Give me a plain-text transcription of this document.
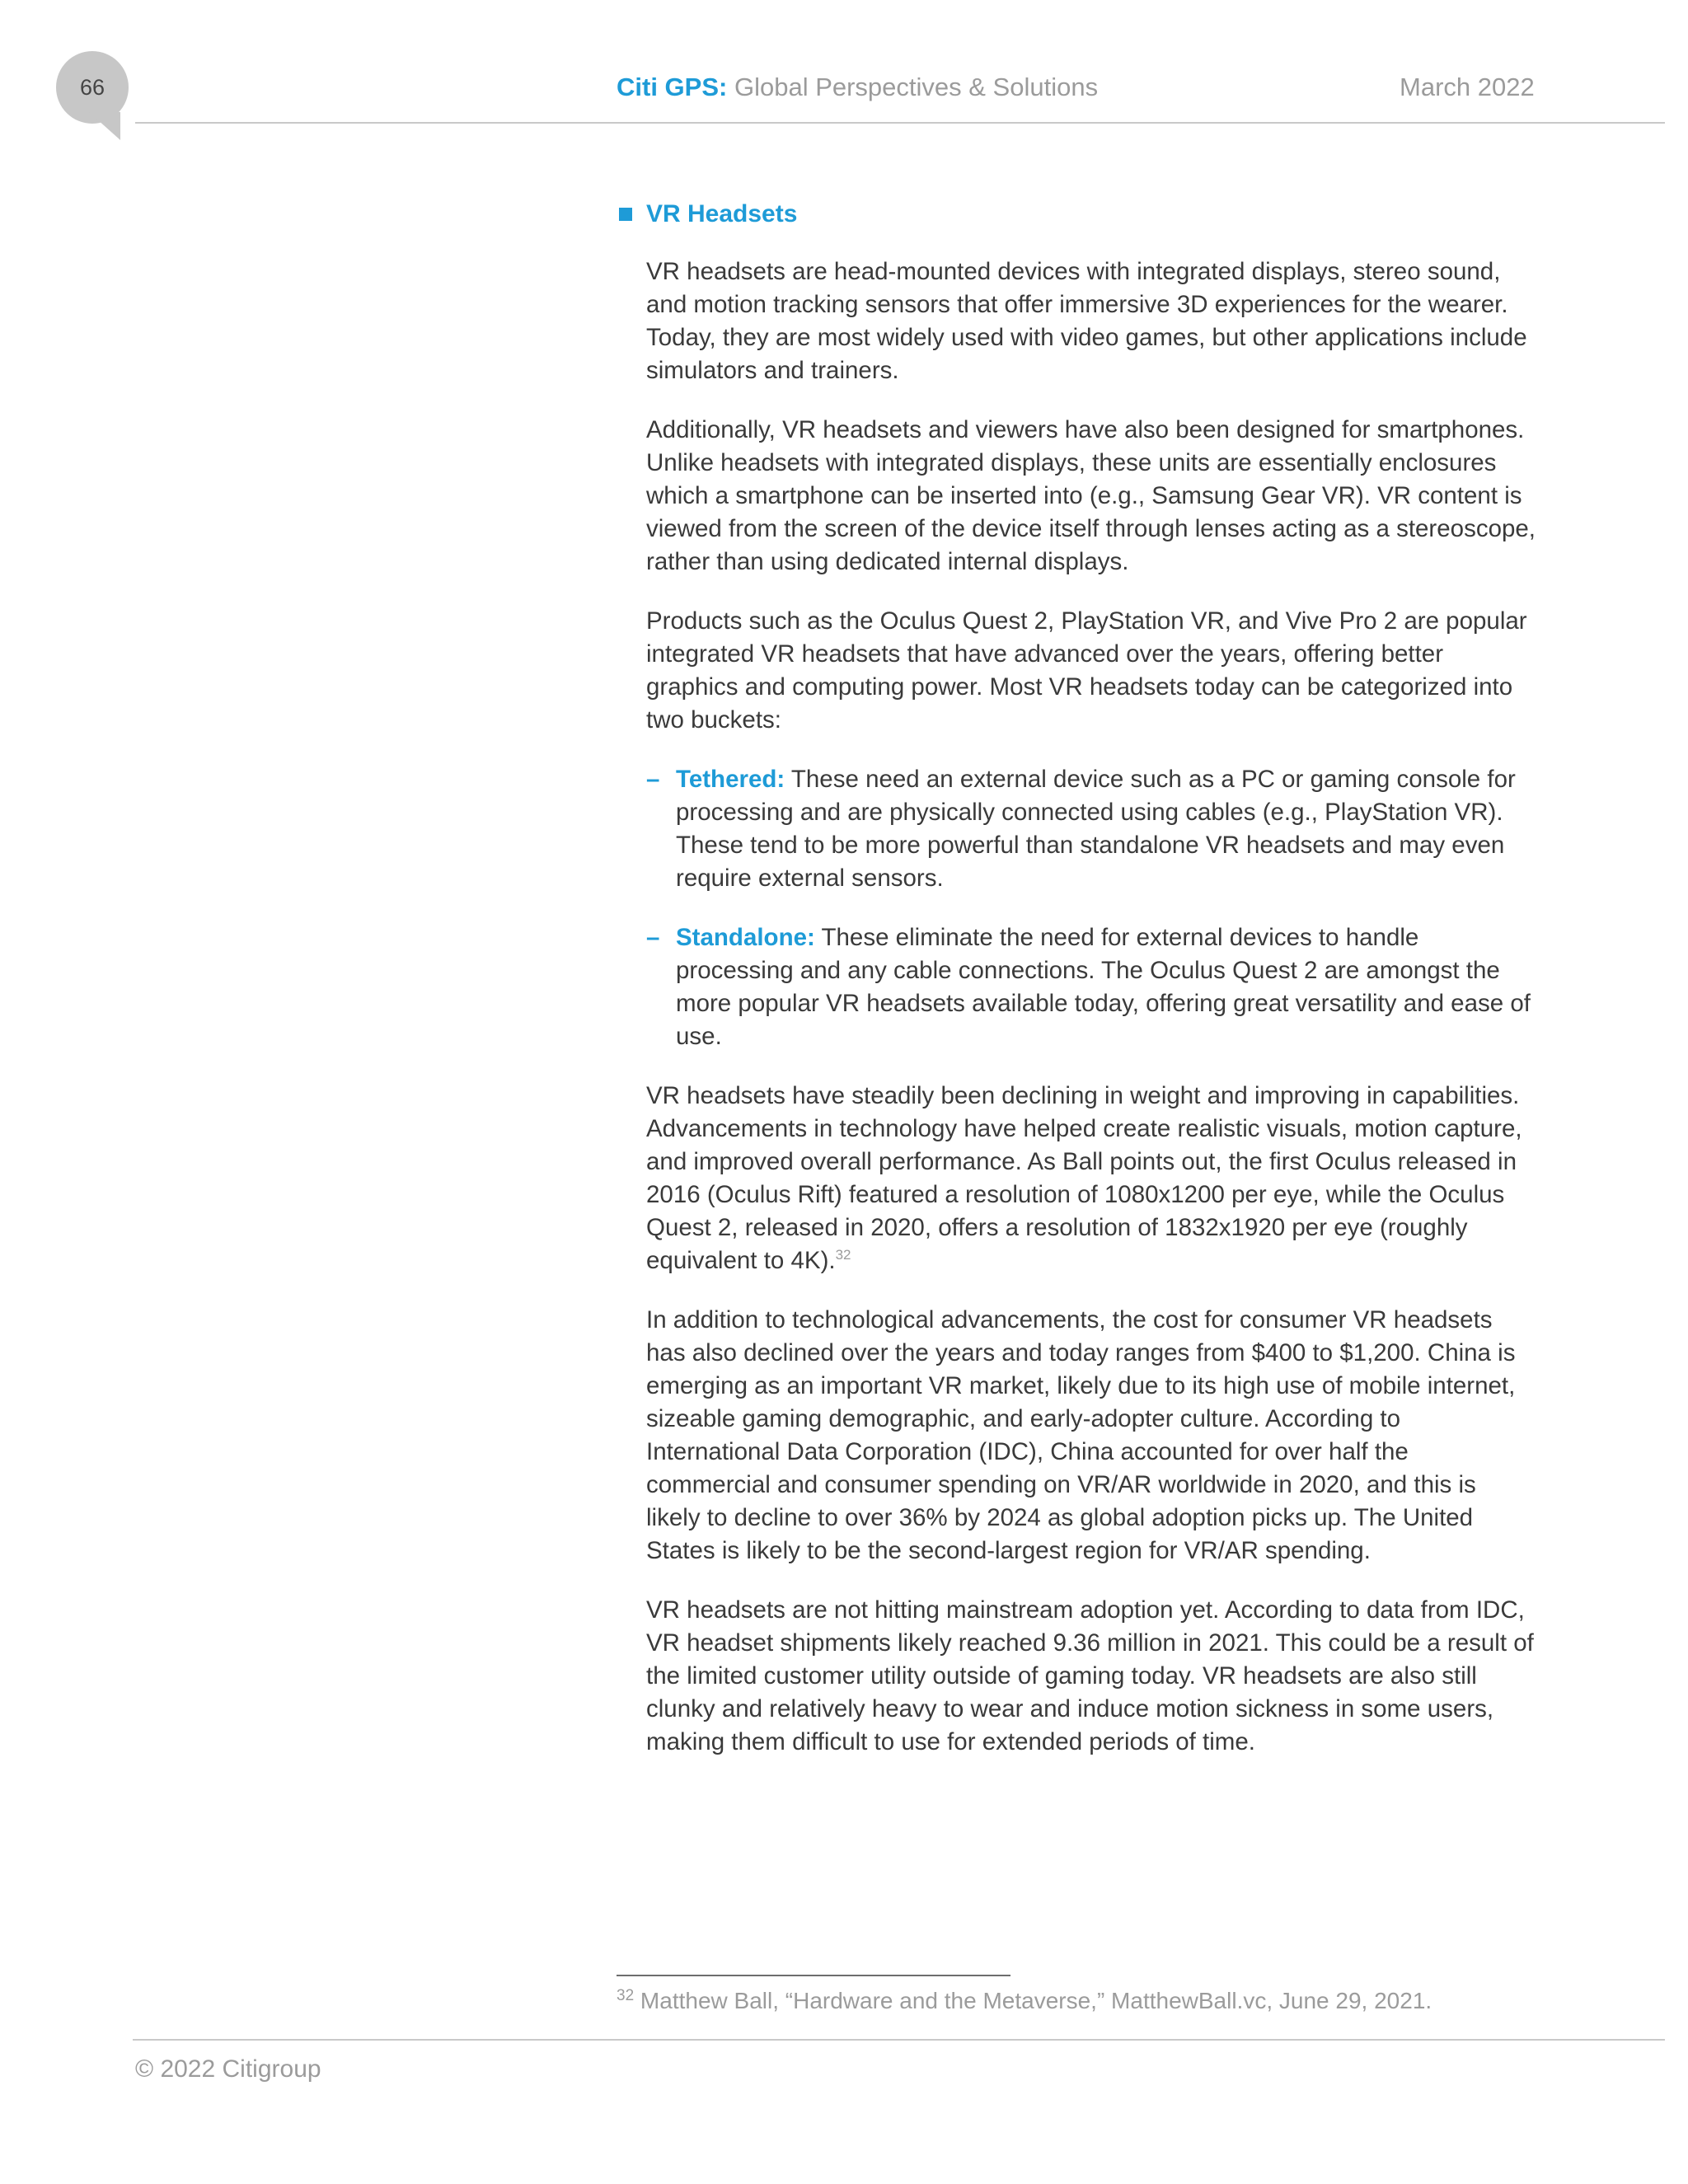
66	Citi GPS: Global Perspectives & Solutions	March 2022
VR Headsets

VR headsets are head-mounted devices with integrated displays, stereo sound, and motion tracking sensors that offer immersive 3D experiences for the wearer. Today, they are most widely used with video games, but other applications include simulators and trainers.

Additionally, VR headsets and viewers have also been designed for smartphones. Unlike headsets with integrated displays, these units are essentially enclosures which a smartphone can be inserted into (e.g., Samsung Gear VR). VR content is viewed from the screen of the device itself through lenses acting as a stereoscope, rather than using dedicated internal displays.

Products such as the Oculus Quest 2, PlayStation VR, and Vive Pro 2 are popular integrated VR headsets that have advanced over the years, offering better graphics and computing power. Most VR headsets today can be categorized into two buckets:

– Tethered: These need an external device such as a PC or gaming console for processing and are physically connected using cables (e.g., PlayStation VR). These tend to be more powerful than standalone VR headsets and may even require external sensors.
– Standalone: These eliminate the need for external devices to handle processing and any cable connections. The Oculus Quest 2 are amongst the more popular VR headsets available today, offering great versatility and ease of use.

VR headsets have steadily been declining in weight and improving in capabilities. Advancements in technology have helped create realistic visuals, motion capture, and improved overall performance. As Ball points out, the first Oculus released in 2016 (Oculus Rift) featured a resolution of 1080x1200 per eye, while the Oculus Quest 2, released in 2020, offers a resolution of 1832x1920 per eye (roughly equivalent to 4K).$^{32}$

In addition to technological advancements, the cost for consumer VR headsets has also declined over the years and today ranges from $400 to $1,200. China is emerging as an important VR market, likely due to its high use of mobile internet, sizeable gaming demographic, and early-adopter culture. According to International Data Corporation (IDC), China accounted for over half the commercial and consumer spending on VR/AR worldwide in 2020, and this is likely to decline to over 36% by 2024 as global adoption picks up. The United States is likely to be the second-largest region for VR/AR spending.

VR headsets are not hitting mainstream adoption yet. According to data from IDC, VR headset shipments likely reached 9.36 million in 2021. This could be a result of the limited customer utility outside of gaming today. VR headsets are also still clunky and relatively heavy to wear and induce motion sickness in some users, making them difficult to use for extended periods of time.

$^{32}$ Matthew Ball, “Hardware and the Metaverse,” MatthewBall.vc, June 29, 2021.
© 2022 Citigroup
